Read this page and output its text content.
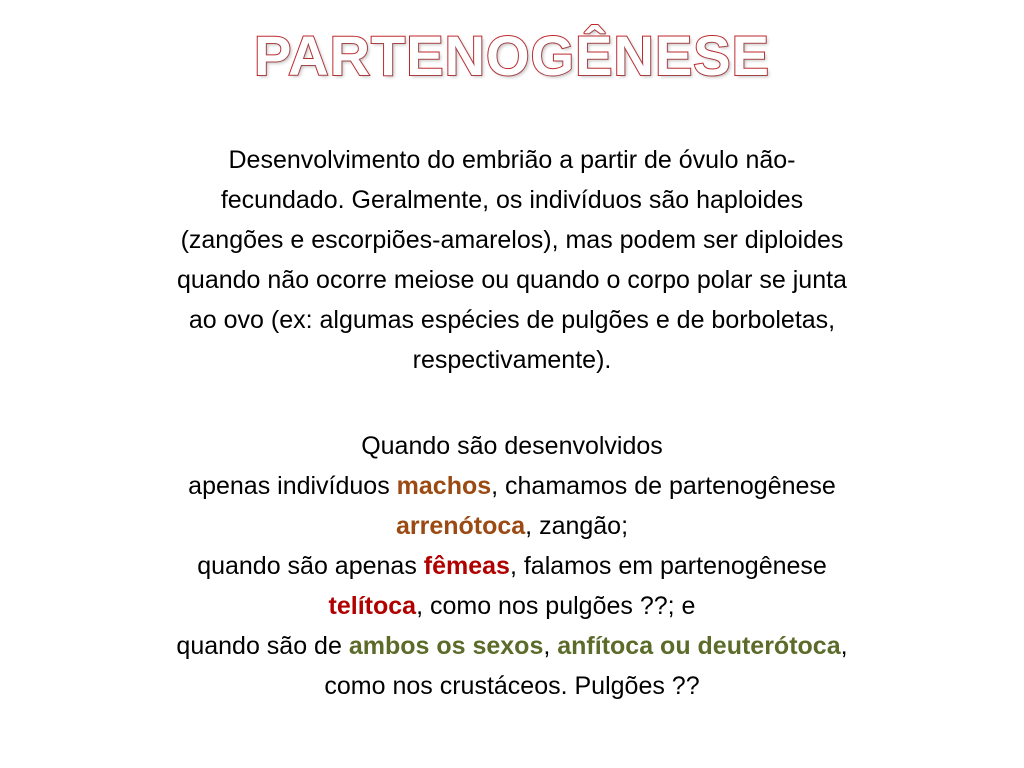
PARTENOGÊNESE
Desenvolvimento do embrião a partir de óvulo não-
fecundado. Geralmente, os indivíduos são haploides
(zangões e escorpiões-amarelos), mas podem ser diploides
quando não ocorre meiose ou quando o corpo polar se junta
ao ovo (ex: algumas espécies de pulgões e de borboletas,
respectivamente).
Quando são desenvolvidos
apenas indivíduos machos, chamamos de partenogênese
arrenótoca, zangão;
quando são apenas fêmeas, falamos em partenogênese
telítoca, como nos pulgões ??; e
quando são de ambos os sexos, anfítoca ou deuterótoca,
como nos crustáceos. Pulgões ??
